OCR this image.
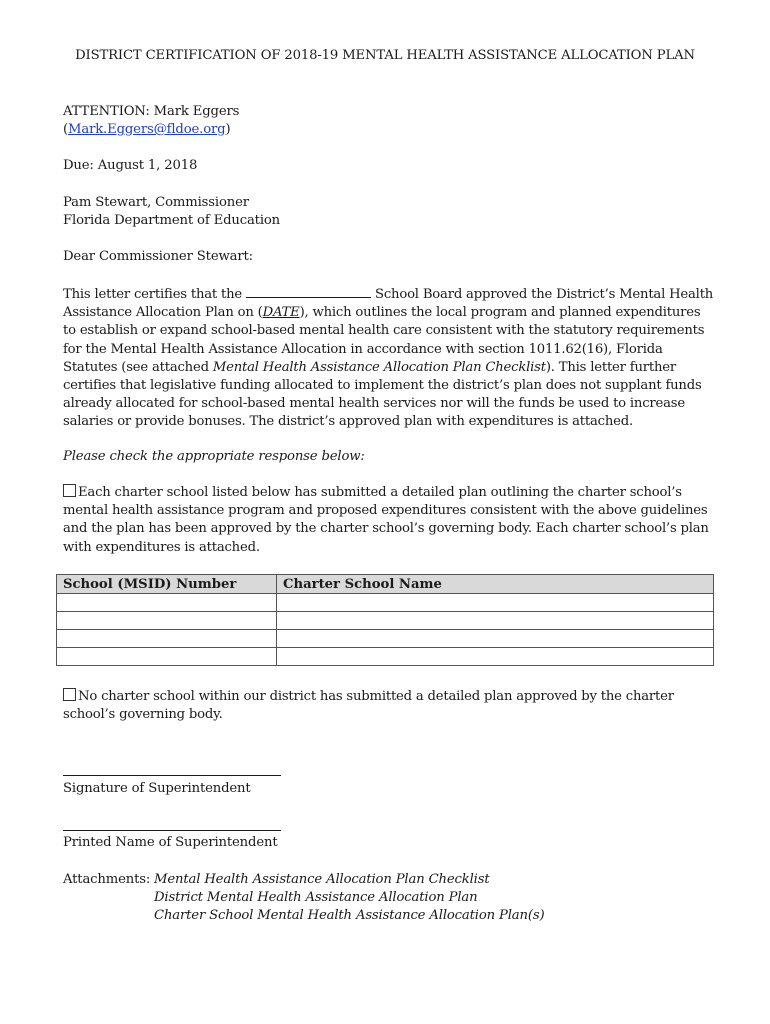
DISTRICT CERTIFICATION OF 2018-19 MENTAL HEALTH ASSISTANCE ALLOCATION PLAN
ATTENTION: Mark Eggers
(Mark.Eggers@fldoe.org)
Due: August 1, 2018
Pam Stewart, Commissioner
Florida Department of Education
Dear Commissioner Stewart:
This letter certifies that the	School Board approved the District’s Mental Health
Assistance Allocation Plan on (DATE), which outlines the local program and planned expenditures
to establish or expand school-based mental health care consistent with the statutory requirements
for the Mental Health Assistance Allocation in accordance with section 1011.62(16), Florida
Statutes (see attached Mental Health Assistance Allocation Plan Checklist). This letter further
certifies that legislative funding allocated to implement the district’s plan does not supplant funds
already allocated for school-based mental health services nor will the funds be used to increase
salaries or provide bonuses. The district’s approved plan with expenditures is attached.
Please check the appropriate response below:
Each charter school listed below has submitted a detailed plan outlining the charter school’s
mental health assistance program and proposed expenditures consistent with the above guidelines
and the plan has been approved by the charter school’s governing body. Each charter school’s plan
with expenditures is attached.
School (MSID) Number	Charter School Name

No charter school within our district has submitted a detailed plan approved by the charter
school’s governing body.
Signature of Superintendent
Printed Name of Superintendent
Attachments: Mental Health Assistance Allocation Plan Checklist
District Mental Health Assistance Allocation Plan
Charter School Mental Health Assistance Allocation Plan(s)
